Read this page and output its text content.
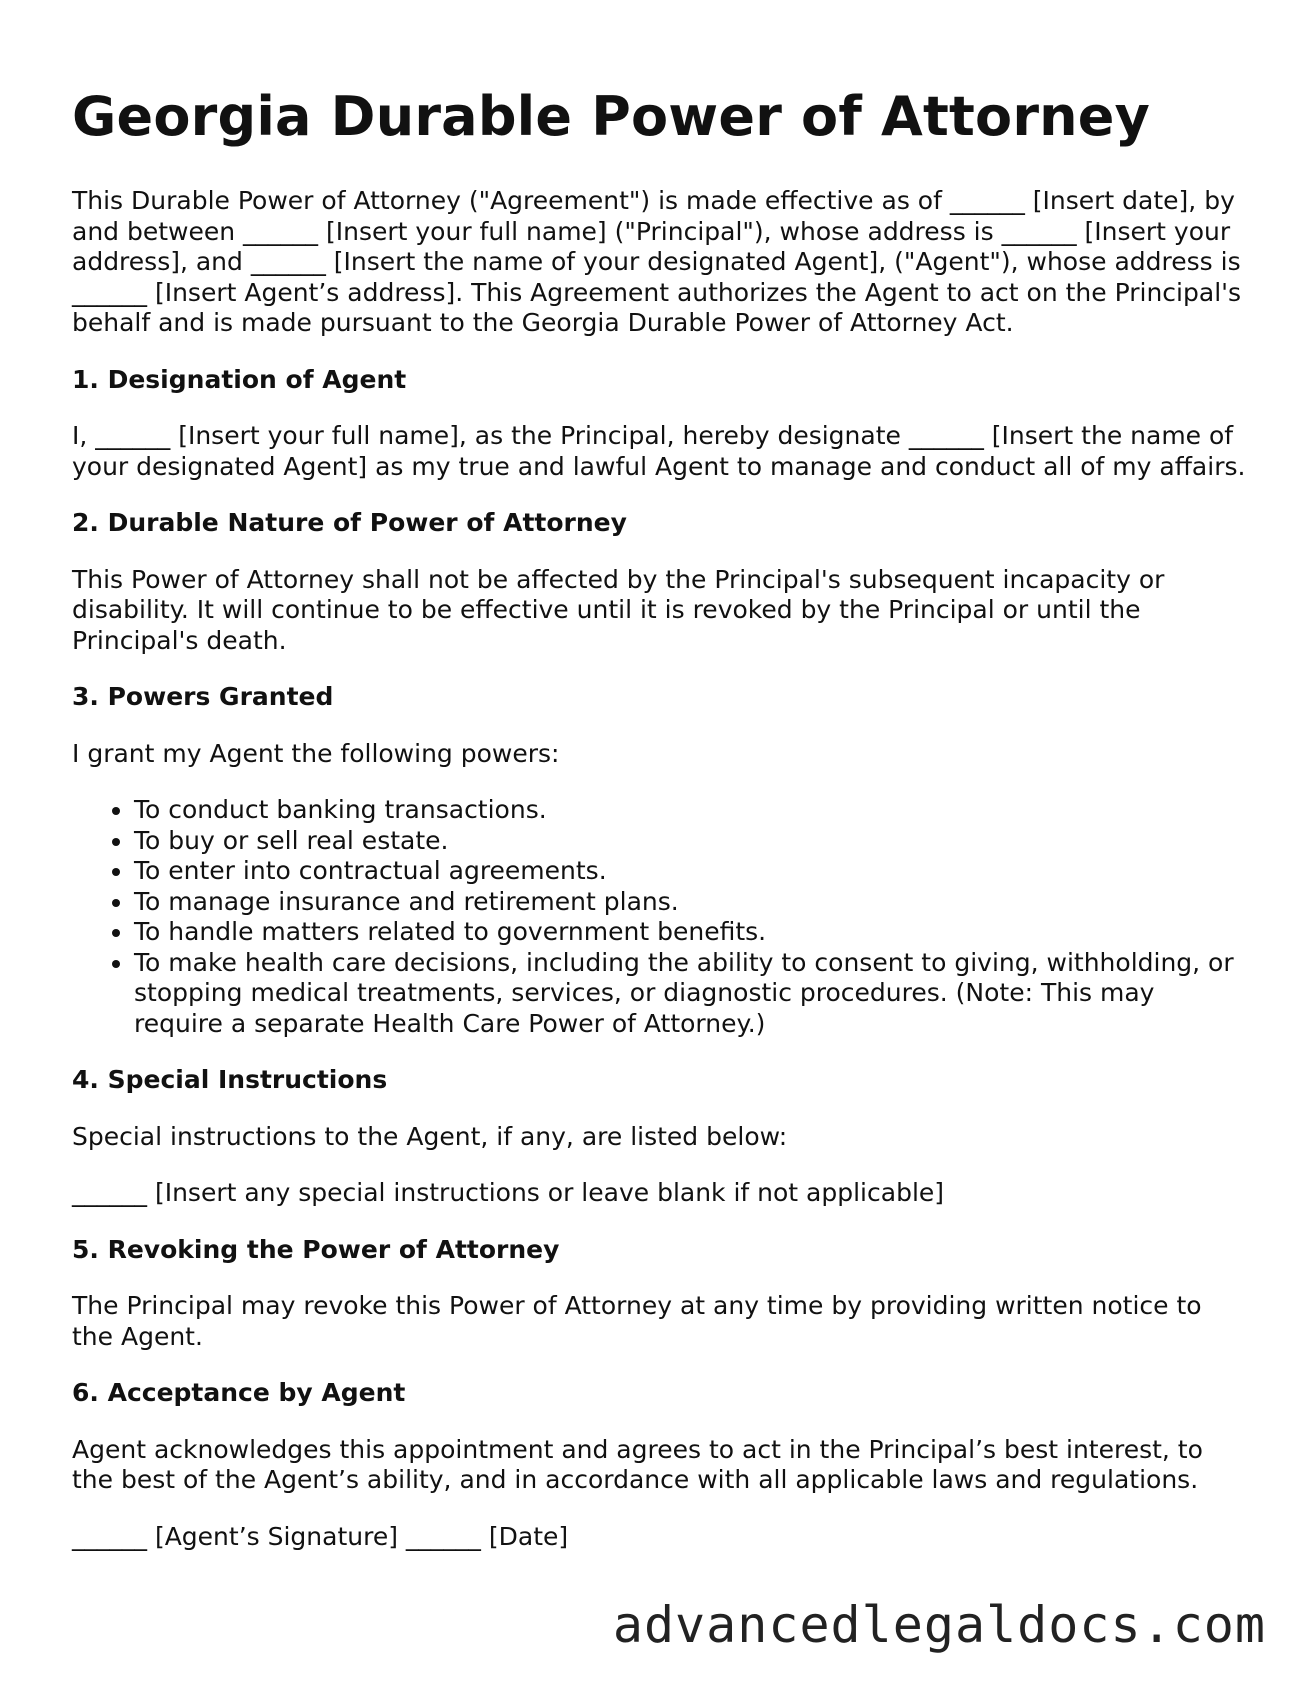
Georgia Durable Power of Attorney

This Durable Power of Attorney ("Agreement") is made effective as of ______ [Insert date], by and between ______ [Insert your full name] ("Principal"), whose address is ______ [Insert your address], and ______ [Insert the name of your designated Agent], ("Agent"), whose address is ______ [Insert Agent’s address]. This Agreement authorizes the Agent to act on the Principal's behalf and is made pursuant to the Georgia Durable Power of Attorney Act.

1. Designation of Agent

I, ______ [Insert your full name], as the Principal, hereby designate ______ [Insert the name of your designated Agent] as my true and lawful Agent to manage and conduct all of my affairs.

2. Durable Nature of Power of Attorney

This Power of Attorney shall not be affected by the Principal's subsequent incapacity or disability. It will continue to be effective until it is revoked by the Principal or until the Principal's death.

3. Powers Granted

I grant my Agent the following powers:

• To conduct banking transactions.
• To buy or sell real estate.
• To enter into contractual agreements.
• To manage insurance and retirement plans.
• To handle matters related to government benefits.
• To make health care decisions, including the ability to consent to giving, withholding, or stopping medical treatments, services, or diagnostic procedures. (Note: This may require a separate Health Care Power of Attorney.)
4. Special Instructions

Special instructions to the Agent, if any, are listed below:

______ [Insert any special instructions or leave blank if not applicable]

5. Revoking the Power of Attorney

The Principal may revoke this Power of Attorney at any time by providing written notice to the Agent.

6. Acceptance by Agent

Agent acknowledges this appointment and agrees to act in the Principal’s best interest, to the best of the Agent’s ability, and in accordance with all applicable laws and regulations.

______ [Agent’s Signature] ______ [Date]

advancedlegaldocs.com
